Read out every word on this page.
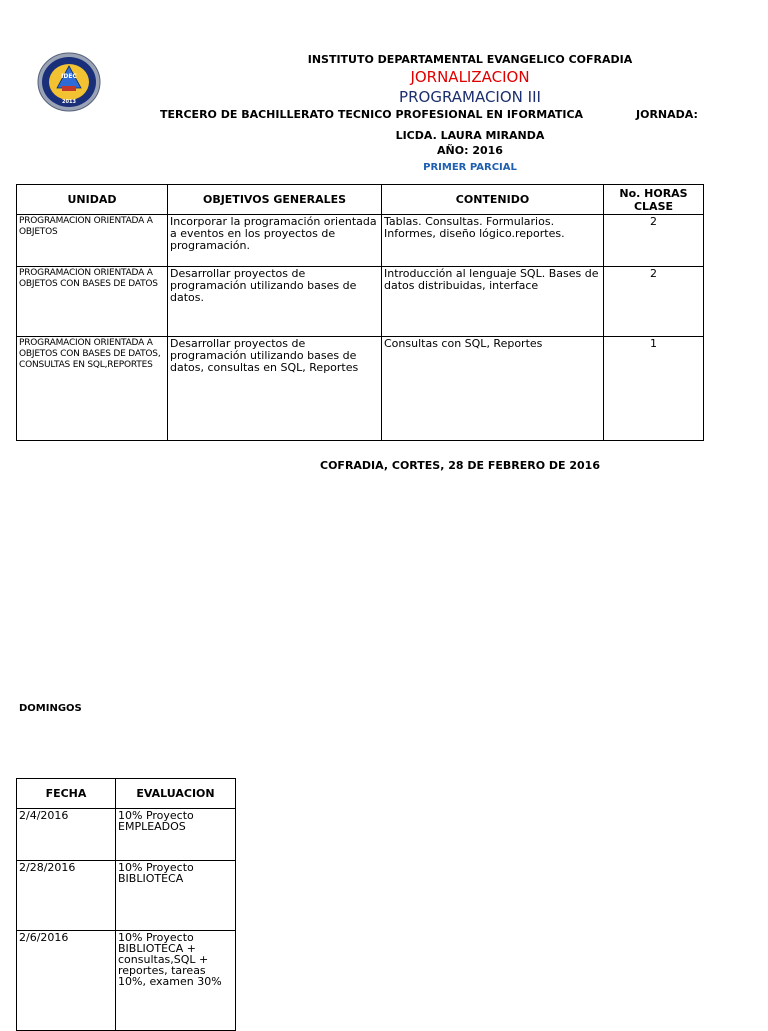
IDEC
2013
INSTITUTO DEPARTAMENTAL EVANGELICO COFRADIA
JORNALIZACION
PROGRAMACION III
TERCERO DE BACHILLERATO TECNICO PROFESIONAL EN IFORMATICA	JORNADA:
LICDA. LAURA MIRANDA
AÑO: 2016
PRIMER PARCIAL
UNIDAD	OBJETIVOS GENERALES	CONTENIDO	No. HORAS CLASE
PROGRAMACION ORIENTADA A OBJETOS	Incorporar la programación orientada a eventos en los proyectos de programación.	Tablas. Consultas. Formularios. Informes, diseño lógico.reportes.	2
PROGRAMACION ORIENTADA A OBJETOS CON BASES DE DATOS	Desarrollar proyectos de programación utilizando bases de datos.	Introducción al lenguaje SQL. Bases de datos distribuidas, interface	2
PROGRAMACION ORIENTADA A OBJETOS CON BASES DE DATOS, CONSULTAS EN SQL,REPORTES	Desarrollar proyectos de programación utilizando bases de datos, consultas en SQL, Reportes	Consultas con SQL, Reportes	1
COFRADIA, CORTES, 28 DE FEBRERO DE 2016
DOMINGOS
FECHA	EVALUACION
2/4/2016	10% Proyecto EMPLEADOS
2/28/2016	10% Proyecto BIBLIOTECA
2/6/2016	10% Proyecto BIBLIOTECA + consultas,SQL + reportes, tareas 10%, examen 30%
